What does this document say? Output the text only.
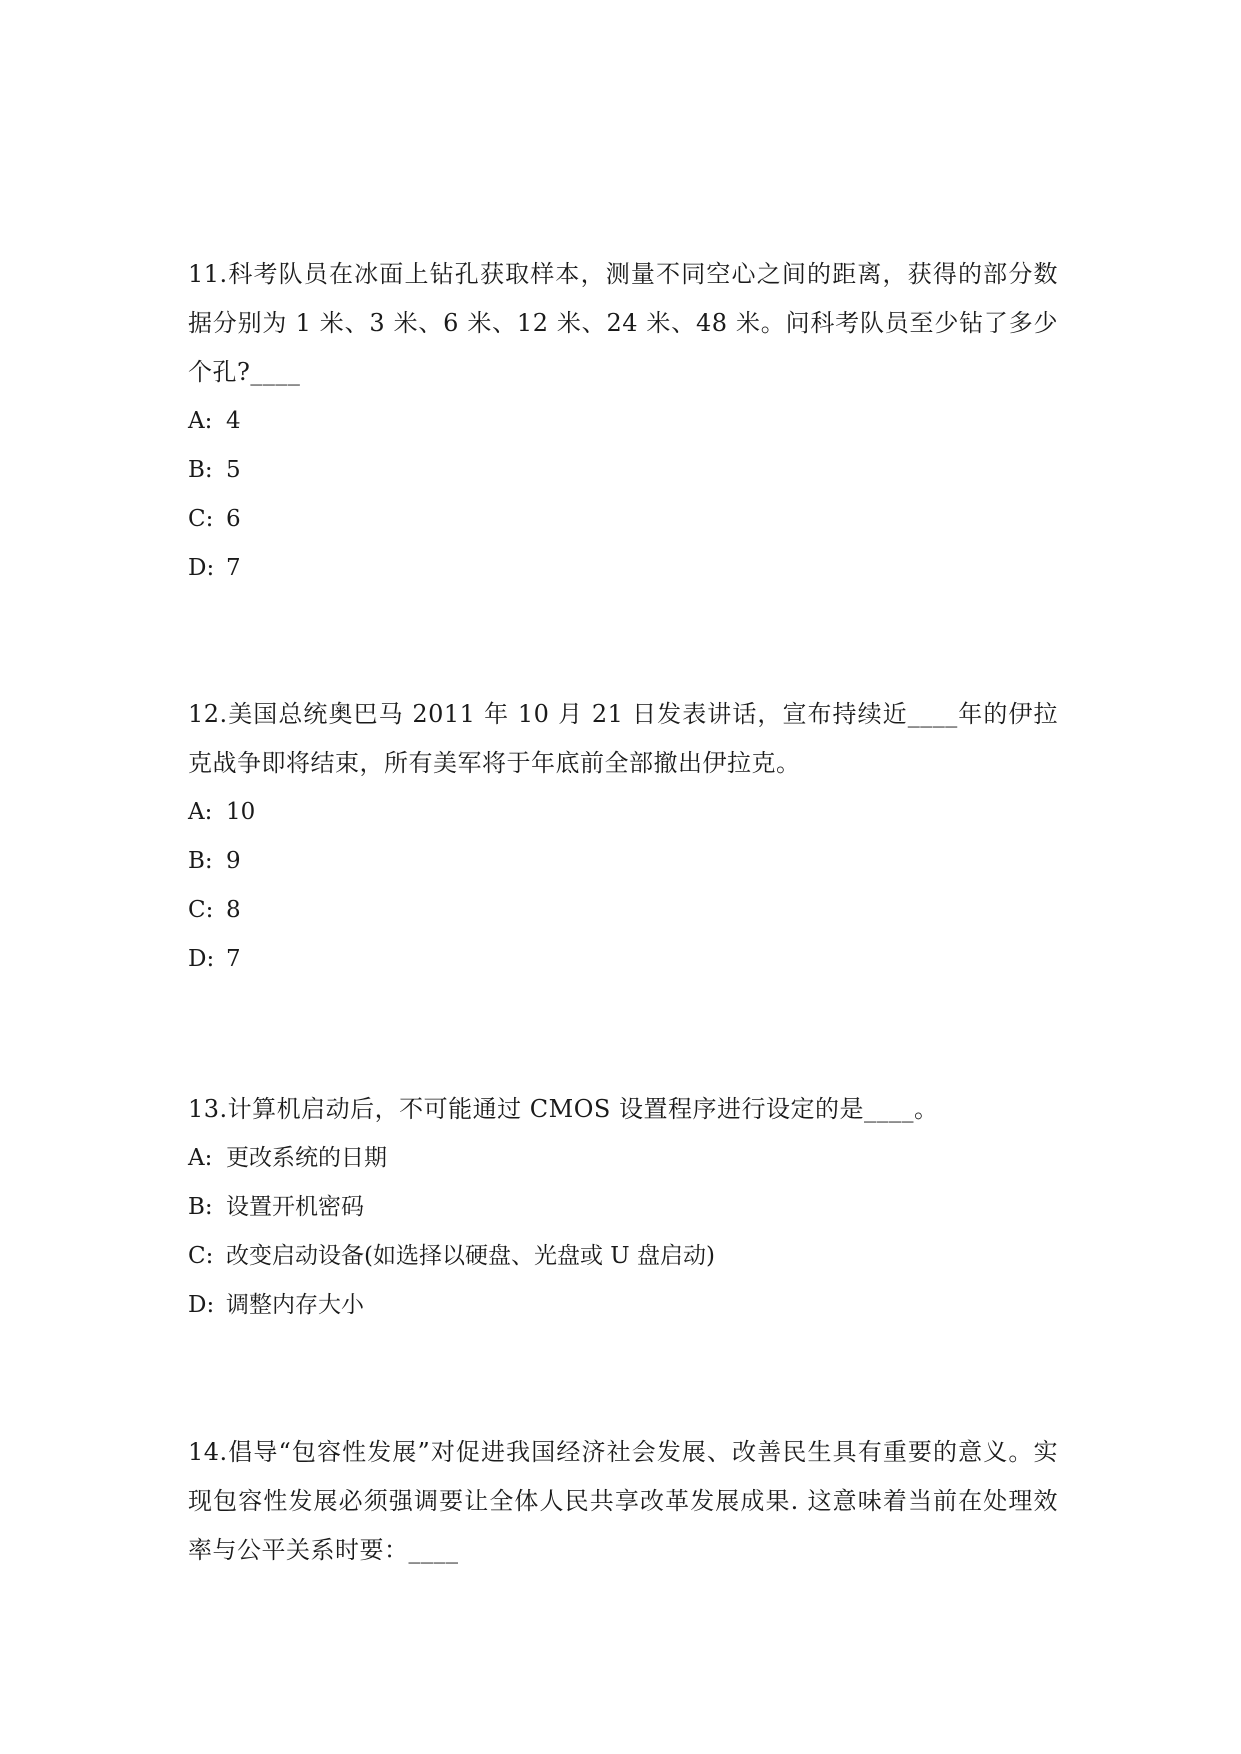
11.科考队员在冰面上钻孔获取样本，测量不同空心之间的距离，获得的部分数据分别为 1 米、3 米、6 米、12 米、24 米、48 米。问科考队员至少钻了多少个孔?____

A: 4

B: 5

C: 6

D: 7

12.美国总统奥巴马 2011 年 10 月 21 日发表讲话，宣布持续近____年的伊拉克战争即将结束，所有美军将于年底前全部撤出伊拉克。

A: 10

B: 9

C: 8

D: 7

13.计算机启动后，不可能通过 CMOS 设置程序进行设定的是____。

A: 更改系统的日期

B: 设置开机密码

C: 改变启动设备(如选择以硬盘、光盘或 U 盘启动)

D: 调整内存大小

14.倡导“包容性发展”对促进我国经济社会发展、改善民生具有重要的意义。实现包容性发展必须强调要让全体人民共享改革发展成果. 这意味着当前在处理效率与公平关系时要：____
